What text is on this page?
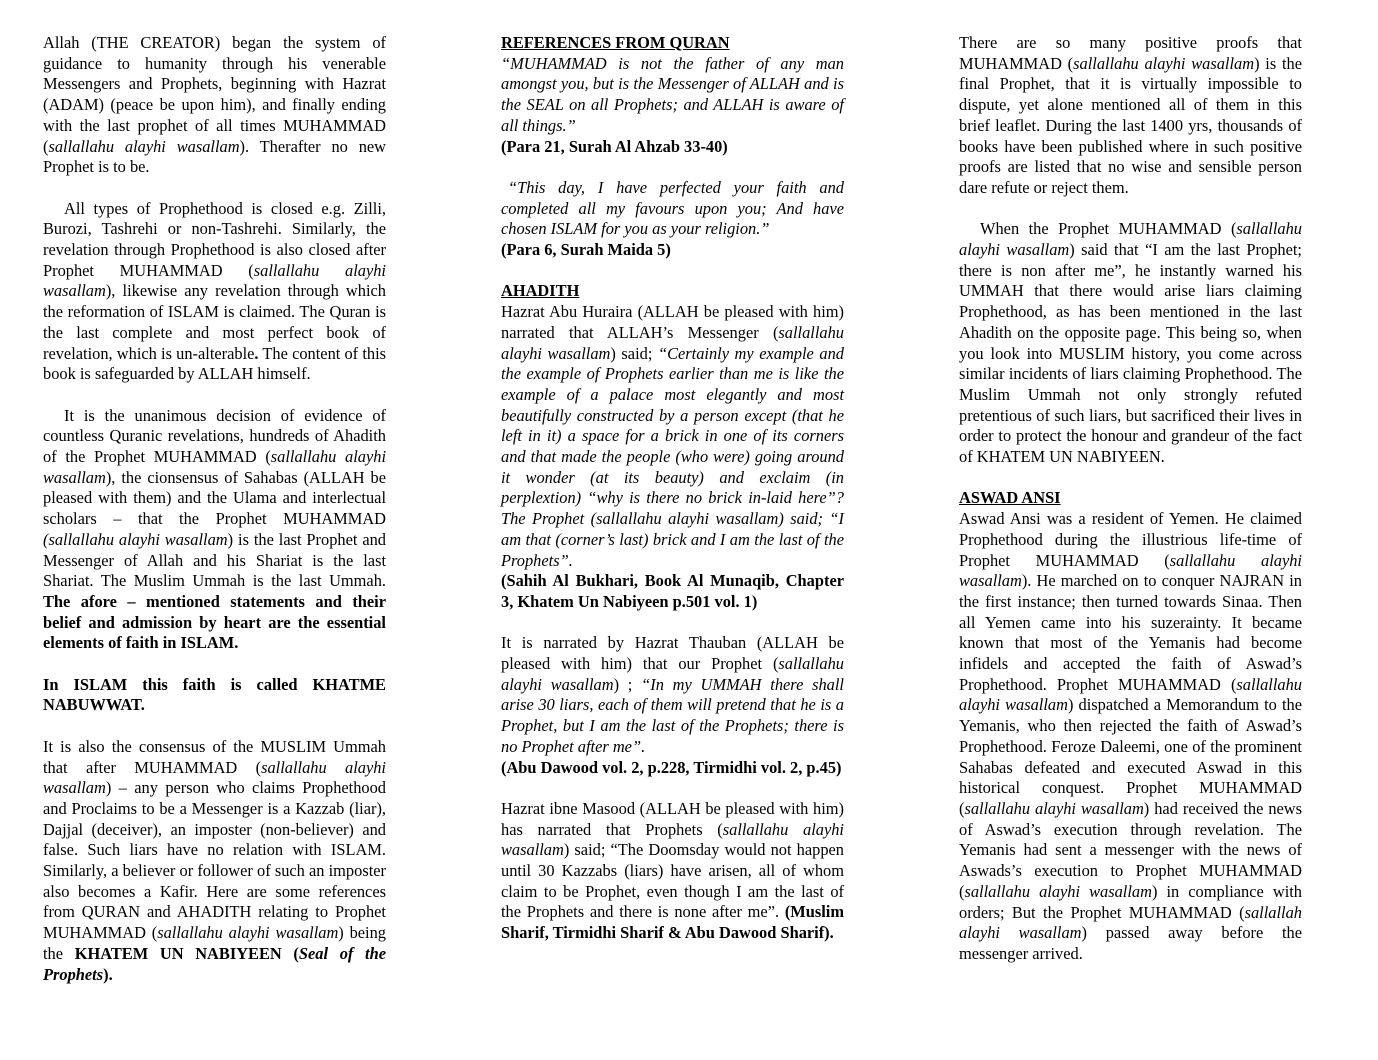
Allah (THE CREATOR) began the system of guidance to humanity through his venerable Messengers and Prophets, beginning with Hazrat (ADAM) (peace be upon him), and finally ending with the last prophet of all times MUHAMMAD (sallallahu alayhi wasallam). Therafter no new Prophet is to be.

All types of Prophethood is closed e.g. Zilli, Burozi, Tashrehi or non-Tashrehi. Similarly, the revelation through Prophethood is also closed after Prophet MUHAMMAD (sallallahu alayhi wasallam), likewise any revelation through which the reformation of ISLAM is claimed. The Quran is the last complete and most perfect book of revelation, which is un-alterable. The content of this book is safeguarded by ALLAH himself.

It is the unanimous decision of evidence of countless Quranic revelations, hundreds of Ahadith of the Prophet MUHAMMAD (sallallahu alayhi wasallam), the cionsensus of Sahabas (ALLAH be pleased with them) and the Ulama and interlectual scholars – that the Prophet MUHAMMAD (sallallahu alayhi wasallam) is the last Prophet and Messenger of Allah and his Shariat is the last Shariat. The Muslim Ummah is the last Ummah. The afore – mentioned statements and their belief and admission by heart are the essential elements of faith in ISLAM.

In ISLAM this faith is called KHATME NABUWWAT.

It is also the consensus of the MUSLIM Ummah that after MUHAMMAD (sallallahu alayhi wasallam) – any person who claims Prophethood and Proclaims to be a Messenger is a Kazzab (liar), Dajjal (deceiver), an imposter (non-believer) and false. Such liars have no relation with ISLAM. Similarly, a believer or follower of such an imposter also becomes a Kafir. Here are some references from QURAN and AHADITH relating to Prophet MUHAMMAD (sallallahu alayhi wasallam) being the KHATEM UN NABIYEEN (Seal of the Prophets).

REFERENCES FROM QURAN

“MUHAMMAD is not the father of any man amongst you, but is the Messenger of ALLAH and is the SEAL on all Prophets; and ALLAH is aware of all things.”

(Para 21, Surah Al Ahzab 33-40)

“This day, I have perfected your faith and completed all my favours upon you; And have chosen ISLAM for you as your religion.”

(Para 6, Surah Maida 5)

AHADITH

Hazrat Abu Huraira (ALLAH be pleased with him) narrated that ALLAH’s Messenger (sallallahu alayhi wasallam) said; “Certainly my example and the example of Prophets earlier than me is like the example of a palace most elegantly and most beautifully constructed by a person except (that he left in it) a space for a brick in one of its corners and that made the people (who were) going around it wonder (at its beauty) and exclaim (in perplextion) “why is there no brick in-laid here”? The Prophet (sallallahu alayhi wasallam) said; “I am that (corner’s last) brick and I am the last of the Prophets”.

(Sahih Al Bukhari, Book Al Munaqib, Chapter 3, Khatem Un Nabiyeen p.501 vol. 1)

It is narrated by Hazrat Thauban (ALLAH be pleased with him) that our Prophet (sallallahu alayhi wasallam) ; “In my UMMAH there shall arise 30 liars, each of them will pretend that he is a Prophet, but I am the last of the Prophets; there is no Prophet after me”.

(Abu Dawood vol. 2, p.228, Tirmidhi vol. 2, p.45)

Hazrat ibne Masood (ALLAH be pleased with him) has narrated that Prophets (sallallahu alayhi wasallam) said; “The Doomsday would not happen until 30 Kazzabs (liars) have arisen, all of whom claim to be Prophet, even though I am the last of the Prophets and there is none after me”. (Muslim Sharif, Tirmidhi Sharif & Abu Dawood Sharif).

There are so many positive proofs that MUHAMMAD (sallallahu alayhi wasallam) is the final Prophet, that it is virtually impossible to dispute, yet alone mentioned all of them in this brief leaflet. During the last 1400 yrs, thousands of books have been published where in such positive proofs are listed that no wise and sensible person dare refute or reject them.

When the Prophet MUHAMMAD (sallallahu alayhi wasallam) said that “I am the last Prophet; there is non after me”, he instantly warned his UMMAH that there would arise liars claiming Prophethood, as has been mentioned in the last Ahadith on the opposite page. This being so, when you look into MUSLIM history, you come across similar incidents of liars claiming Prophethood. The Muslim Ummah not only strongly refuted pretentious of such liars, but sacrificed their lives in order to protect the honour and grandeur of the fact of KHATEM UN NABIYEEN.

ASWAD ANSI

Aswad Ansi was a resident of Yemen. He claimed Prophethood during the illustrious life-time of Prophet MUHAMMAD (sallallahu alayhi wasallam). He marched on to conquer NAJRAN in the first instance; then turned towards Sinaa. Then all Yemen came into his suzerainty. It became known that most of the Yemanis had become infidels and accepted the faith of Aswad’s Prophethood. Prophet MUHAMMAD (sallallahu alayhi wasallam) dispatched a Memorandum to the Yemanis, who then rejected the faith of Aswad’s Prophethood. Feroze Daleemi, one of the prominent Sahabas defeated and executed Aswad in this historical conquest. Prophet MUHAMMAD (sallallahu alayhi wasallam) had received the news of Aswad’s execution through revelation. The Yemanis had sent a messenger with the news of Aswads’s execution to Prophet MUHAMMAD (sallallahu alayhi wasallam) in compliance with orders; But the Prophet MUHAMMAD (sallallah alayhi wasallam) passed away before the messenger arrived.
